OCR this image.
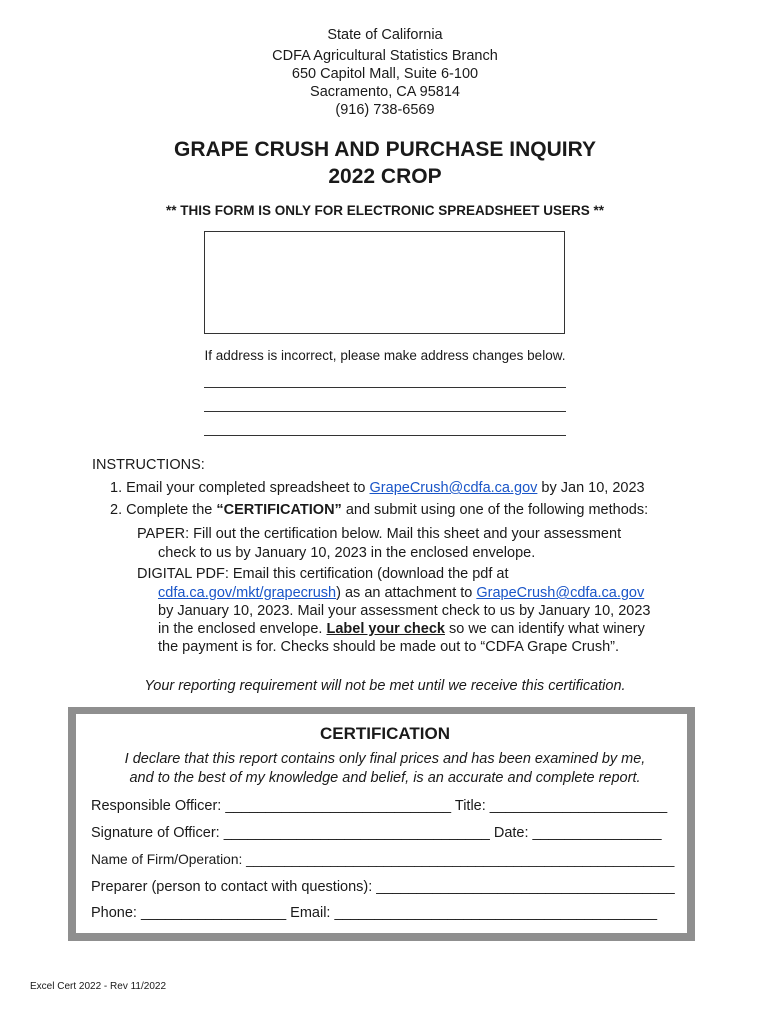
State of California
CDFA Agricultural Statistics Branch
650 Capitol Mall, Suite 6-100
Sacramento, CA 95814
(916) 738-6569
GRAPE CRUSH AND PURCHASE INQUIRY
2022 CROP
** THIS FORM IS ONLY FOR ELECTRONIC SPREADSHEET USERS **
If address is incorrect, please make address changes below.
INSTRUCTIONS:
1. Email your completed spreadsheet to GrapeCrush@cdfa.ca.gov by Jan 10, 2023
2. Complete the “CERTIFICATION” and submit using one of the following methods:
PAPER: Fill out the certification below. Mail this sheet and your assessment
check to us by January 10, 2023 in the enclosed envelope.
DIGITAL PDF: Email this certification (download the pdf at
cdfa.ca.gov/mkt/grapecrush) as an attachment to GrapeCrush@cdfa.ca.gov
by January 10, 2023. Mail your assessment check to us by January 10, 2023
in the enclosed envelope. Label your check so we can identify what winery
the payment is for. Checks should be made out to “CDFA Grape Crush”.
Your reporting requirement will not be met until we receive this certification.
CERTIFICATION
I declare that this report contains only final prices and has been examined by me,
and to the best of my knowledge and belief, is an accurate and complete report.
Responsible Officer: ____________________________ Title: ______________________
Signature of Officer: _________________________________ Date: ________________
Name of Firm/Operation: ________________________________________________________
Preparer (person to contact with questions): _____________________________________
Phone: __________________ Email: ________________________________________
Excel Cert 2022 - Rev 11/2022
